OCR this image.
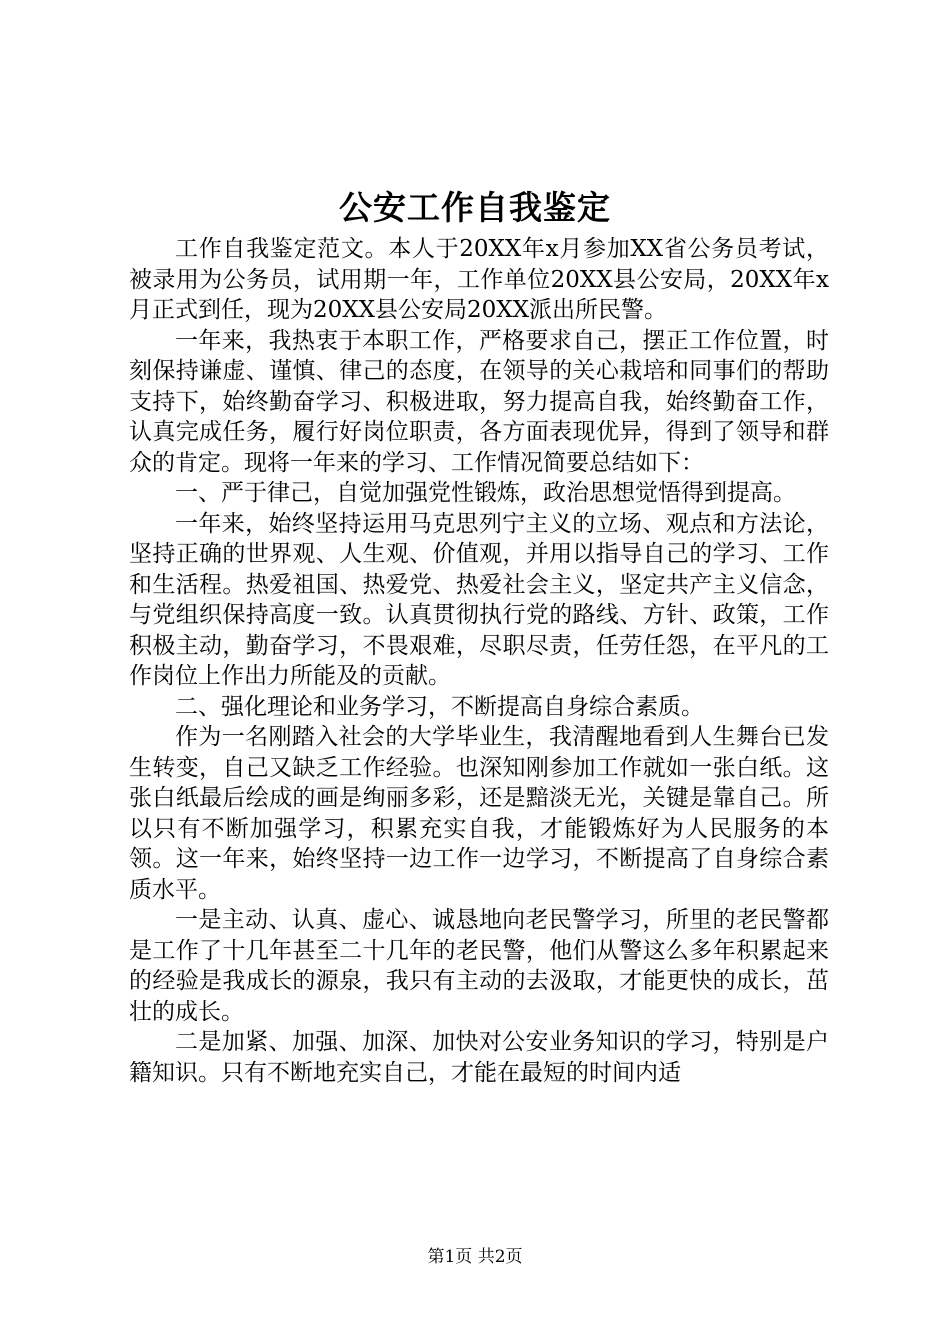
公安工作自我鉴定

工作自我鉴定范文。本人于20XX年x月参加XX省公务员考试，被录用为公务员，试用期一年，工作单位20XX县公安局，20XX年x月正式到任，现为20XX县公安局20XX派出所民警。

一年来，我热衷于本职工作，严格要求自己，摆正工作位置，时刻保持谦虚、谨慎、律己的态度，在领导的关心栽培和同事们的帮助支持下，始终勤奋学习、积极进取，努力提高自我，始终勤奋工作，认真完成任务，履行好岗位职责，各方面表现优异，得到了领导和群众的肯定。现将一年来的学习、工作情况简要总结如下：

一、严于律己，自觉加强党性锻炼，政治思想觉悟得到提高。

一年来，始终坚持运用马克思列宁主义的立场、观点和方法论，坚持正确的世界观、人生观、价值观，并用以指导自己的学习、工作和生活程。热爱祖国、热爱党、热爱社会主义，坚定共产主义信念，与党组织保持高度一致。认真贯彻执行党的路线、方针、政策，工作积极主动，勤奋学习，不畏艰难，尽职尽责，任劳任怨，在平凡的工作岗位上作出力所能及的贡献。

二、强化理论和业务学习，不断提高自身综合素质。

作为一名刚踏入社会的大学毕业生，我清醒地看到人生舞台已发生转变，自己又缺乏工作经验。也深知刚参加工作就如一张白纸。这张白纸最后绘成的画是绚丽多彩，还是黯淡无光，关键是靠自己。所以只有不断加强学习，积累充实自我，才能锻炼好为人民服务的本领。这一年来，始终坚持一边工作一边学习，不断提高了自身综合素质水平。

一是主动、认真、虚心、诚恳地向老民警学习，所里的老民警都是工作了十几年甚至二十几年的老民警，他们从警这么多年积累起来的经验是我成长的源泉，我只有主动的去汲取，才能更快的成长，茁壮的成长。

二是加紧、加强、加深、加快对公安业务知识的学习，特别是户籍知识。只有不断地充实自己，才能在最短的时间内适

第1页 共2页
